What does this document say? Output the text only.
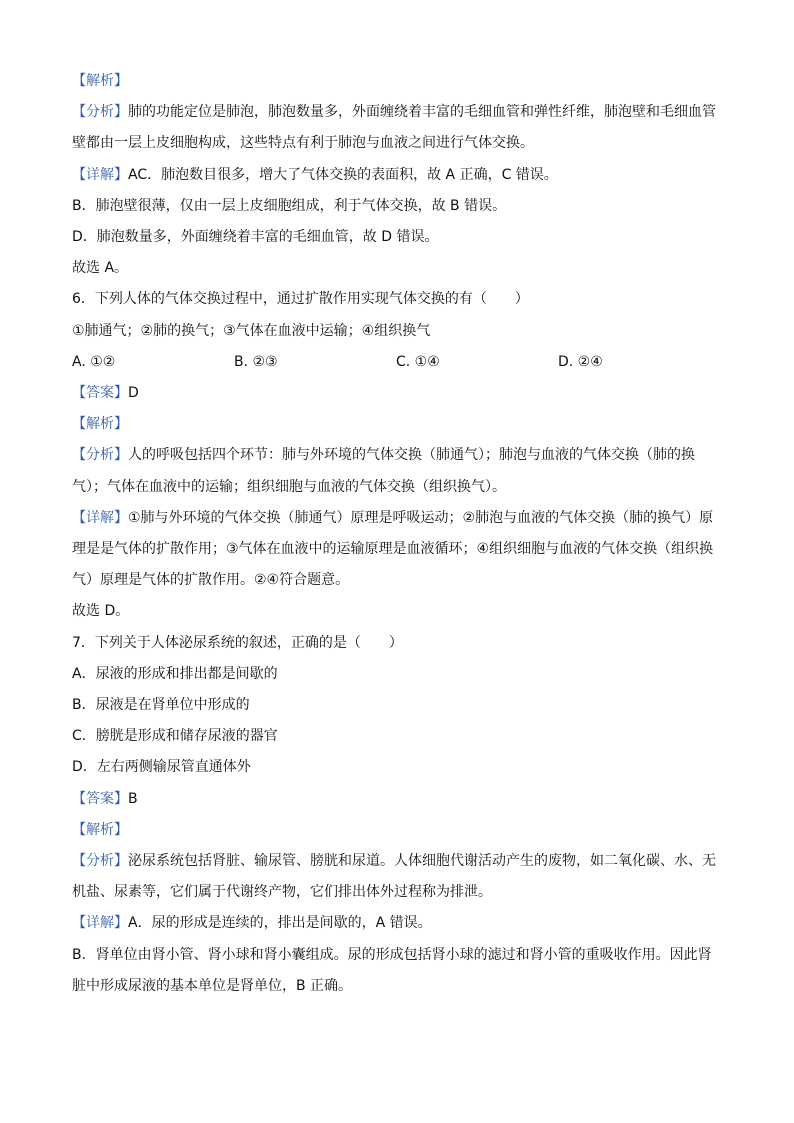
【解析】
【分析】肺的功能定位是肺泡，肺泡数量多，外面缠绕着丰富的毛细血管和弹性纤维，肺泡壁和毛细血管
壁都由一层上皮细胞构成，这些特点有利于肺泡与血液之间进行气体交换。
【详解】AC．肺泡数目很多，增大了气体交换的表面积，故 A 正确，C 错误。
B．肺泡壁很薄，仅由一层上皮细胞组成，利于气体交换，故 B 错误。
D．肺泡数量多，外面缠绕着丰富的毛细血管，故 D 错误。
故选 A。
6．下列人体的气体交换过程中，通过扩散作用实现气体交换的有（　　）
①肺通气；②肺的换气；③气体在血液中运输；④组织换气
A. ①②	B. ②③	C. ①④	D. ②④
【答案】D
【解析】
【分析】人的呼吸包括四个环节：肺与外环境的气体交换（肺通气）；肺泡与血液的气体交换（肺的换
气）；气体在血液中的运输；组织细胞与血液的气体交换（组织换气）。
【详解】①肺与外环境的气体交换（肺通气）原理是呼吸运动；②肺泡与血液的气体交换（肺的换气）原
理是是气体的扩散作用；③气体在血液中的运输原理是血液循环；④组织细胞与血液的气体交换（组织换
气）原理是气体的扩散作用。②④符合题意。
故选 D。
7．下列关于人体泌尿系统的叙述，正确的是（　　）
A．尿液的形成和排出都是间歇的
B．尿液是在肾单位中形成的
C．膀胱是形成和储存尿液的器官
D．左右两侧输尿管直通体外
【答案】B
【解析】
【分析】泌尿系统包括肾脏、输尿管、膀胱和尿道。人体细胞代谢活动产生的废物，如二氧化碳、水、无
机盐、尿素等，它们属于代谢终产物，它们排出体外过程称为排泄。
【详解】A．尿的形成是连续的，排出是间歇的，A 错误。
B．肾单位由肾小管、肾小球和肾小囊组成。尿的形成包括肾小球的滤过和肾小管的重吸收作用。因此肾
脏中形成尿液的基本单位是肾单位，B 正确。
